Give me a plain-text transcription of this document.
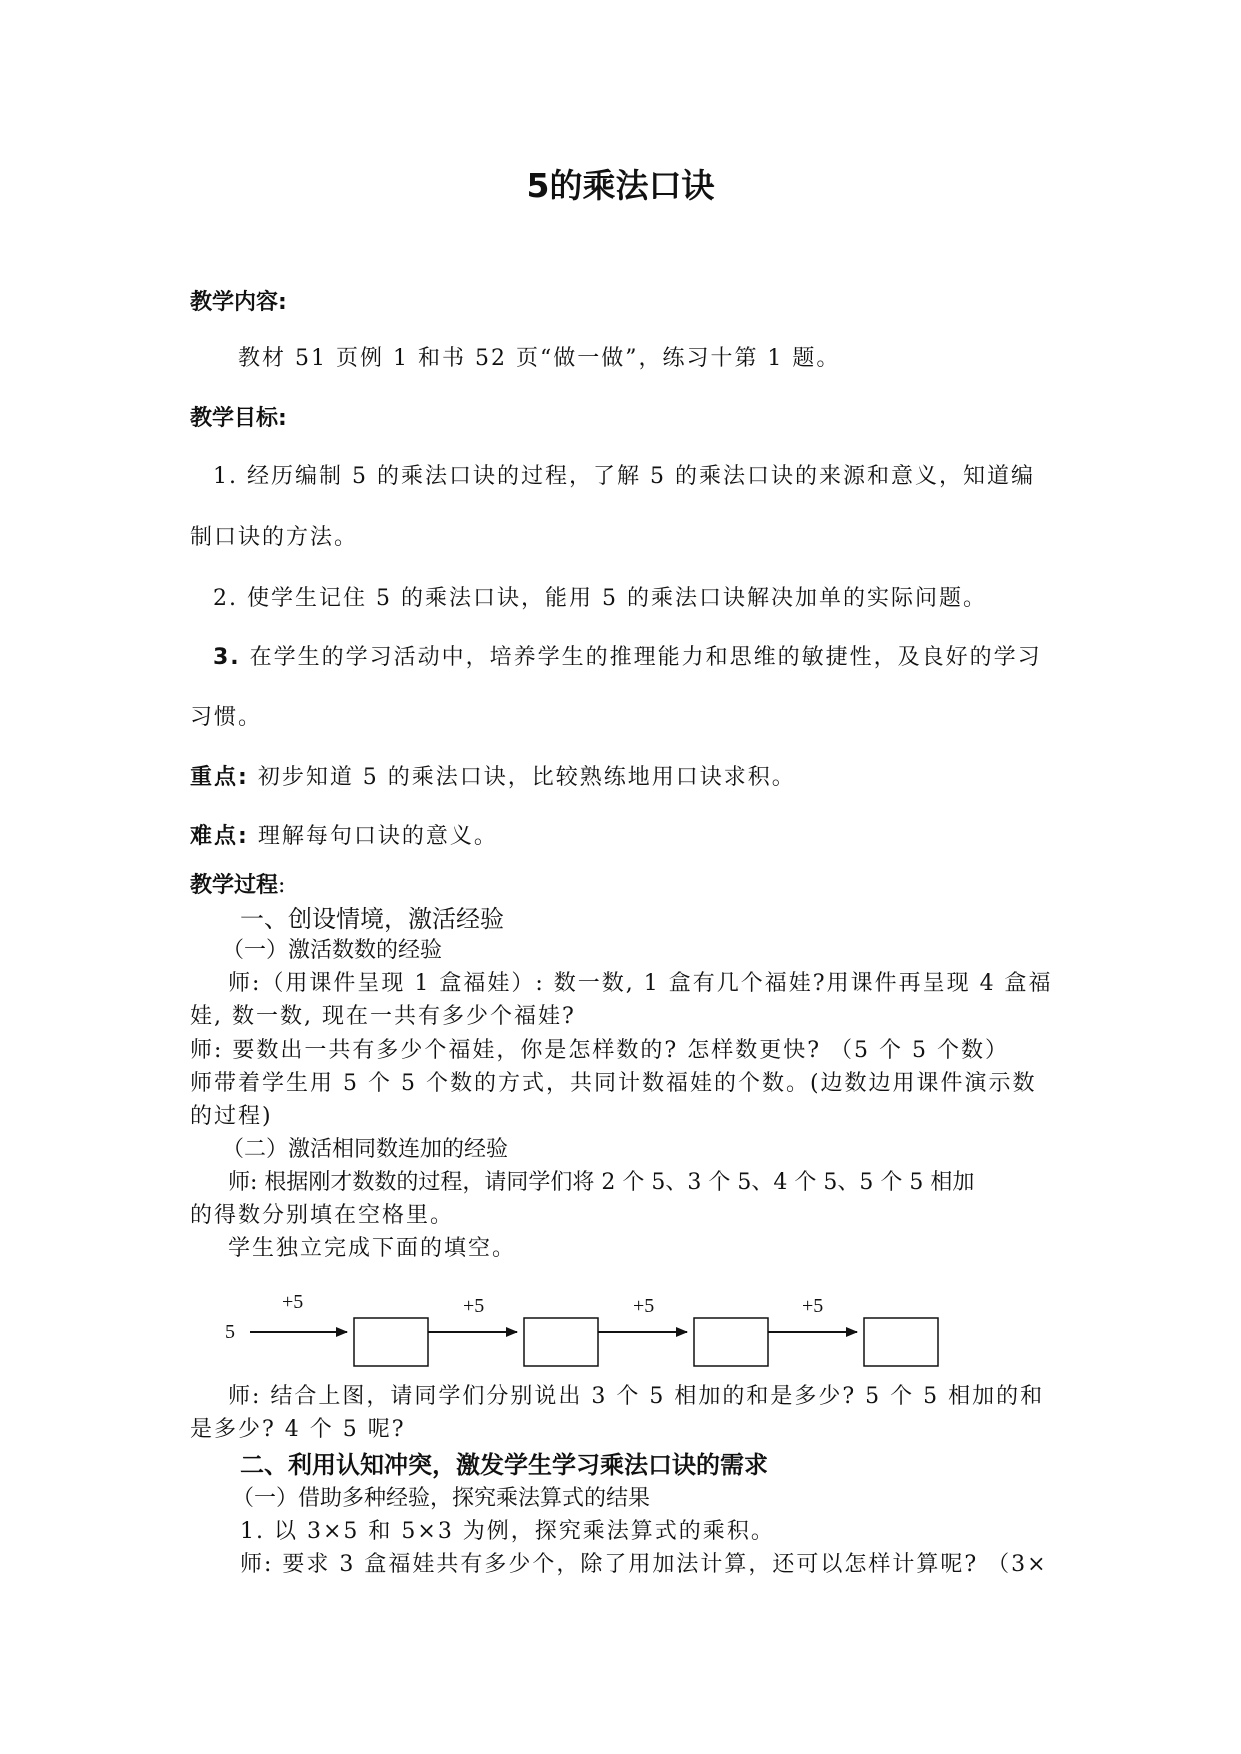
5的乘法口诀
教学内容:
教材 51 页例 1 和书 52 页“做一做”，练习十第 1 题。
教学目标:
1. 经历编制 5 的乘法口诀的过程，了解 5 的乘法口诀的来源和意义，知道编
制口诀的方法。
2. 使学生记住 5 的乘法口诀，能用 5 的乘法口诀解决加单的实际问题。
3. 在学生的学习活动中，培养学生的推理能力和思维的敏捷性，及良好的学习
习惯。
重点: 初步知道 5 的乘法口诀，比较熟练地用口诀求积。
难点: 理解每句口诀的意义。
教学过程:
一、创设情境，激活经验
（一）激活数数的经验
师:（用课件呈现 1 盒福娃）: 数一数, 1 盒有几个福娃?用课件再呈现 4 盒福
娃, 数一数, 现在一共有多少个福娃?
师: 要数出一共有多少个福娃，你是怎样数的? 怎样数更快? （5 个 5 个数）
师带着学生用 5 个 5 个数的方式，共同计数福娃的个数。(边数边用课件演示数
的过程)
（二）激活相同数连加的经验
师: 根据刚才数数的过程，请同学们将 2 个 5、3 个 5、4 个 5、5 个 5 相加
的得数分别填在空格里。
学生独立完成下面的填空。
5
+5	+5	+5	+5
师: 结合上图，请同学们分别说出 3 个 5 相加的和是多少? 5 个 5 相加的和
是多少? 4 个 5 呢?
二、利用认知冲突，激发学生学习乘法口诀的需求
（一）借助多种经验，探究乘法算式的结果
1. 以 3×5 和 5×3 为例，探究乘法算式的乘积。
师: 要求 3 盒福娃共有多少个，除了用加法计算，还可以怎样计算呢? （3×
